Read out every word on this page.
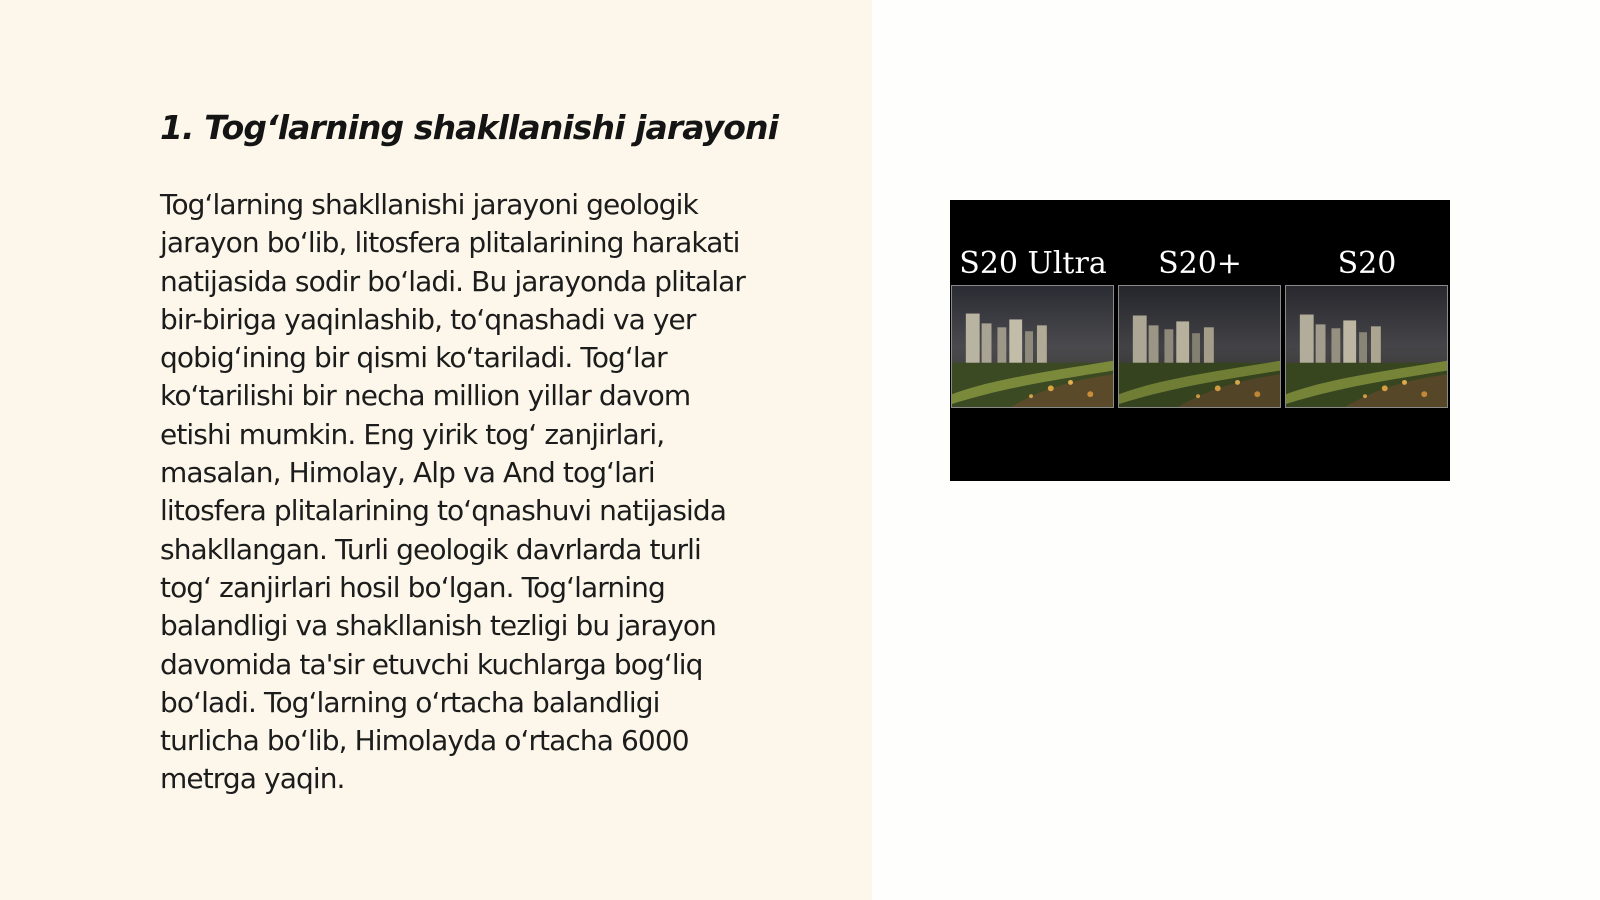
1. Tog‘larning shakllanishi jarayoni
Tog‘larning shakllanishi jarayoni geologik
jarayon bo‘lib, litosfera plitalarining harakati
natijasida sodir bo‘ladi. Bu jarayonda plitalar
bir-biriga yaqinlashib, to‘qnashadi va yer
qobig‘ining bir qismi ko‘tariladi. Tog‘lar
ko‘tarilishi bir necha million yillar davom
etishi mumkin. Eng yirik tog‘ zanjirlari,
masalan, Himolay, Alp va And tog‘lari
litosfera plitalarining to‘qnashuvi natijasida
shakllangan. Turli geologik davrlarda turli
tog‘ zanjirlari hosil bo‘lgan. Tog‘larning
balandligi va shakllanish tezligi bu jarayon
davomida ta'sir etuvchi kuchlarga bog‘liq
bo‘ladi. Tog‘larning o‘rtacha balandligi
turlicha bo‘lib, Himolayda o‘rtacha 6000
metrga yaqin.
S20 Ultra	S20+	S20
